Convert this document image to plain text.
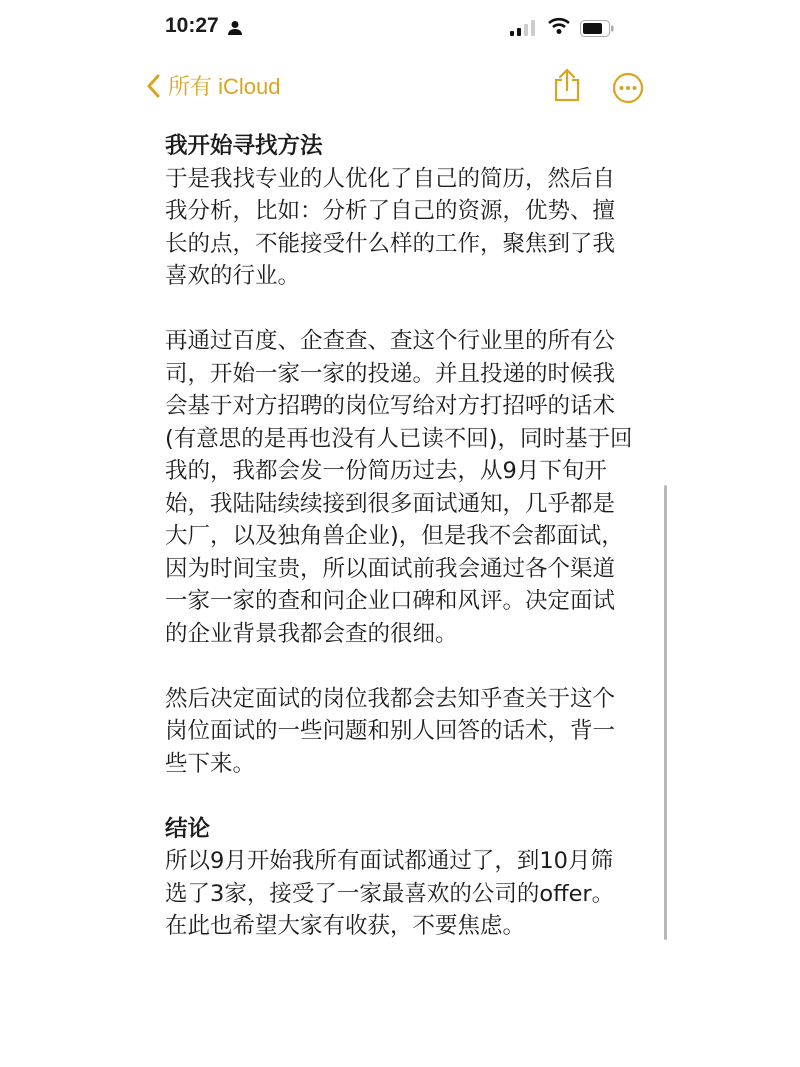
10:27
所有 iCloud
我开始寻找方法
于是我找专业的人优化了自己的简历，然后自
我分析，比如：分析了自己的资源，优势、擅
长的点，不能接受什么样的工作，聚焦到了我
喜欢的行业。
再通过百度、企查查、查这个行业里的所有公
司，开始一家一家的投递。并且投递的时候我
会基于对方招聘的岗位写给对方打招呼的话术
(有意思的是再也没有人已读不回)，同时基于回
我的，我都会发一份简历过去，从9月下旬开
始，我陆陆续续接到很多面试通知，几乎都是
大厂，以及独角兽企业)，但是我不会都面试，
因为时间宝贵，所以面试前我会通过各个渠道
一家一家的查和问企业口碑和风评。决定面试
的企业背景我都会查的很细。
然后决定面试的岗位我都会去知乎查关于这个
岗位面试的一些问题和别人回答的话术，背一
些下来。
结论
所以9月开始我所有面试都通过了，到10月筛
选了3家，接受了一家最喜欢的公司的offer。
在此也希望大家有收获，不要焦虑。
